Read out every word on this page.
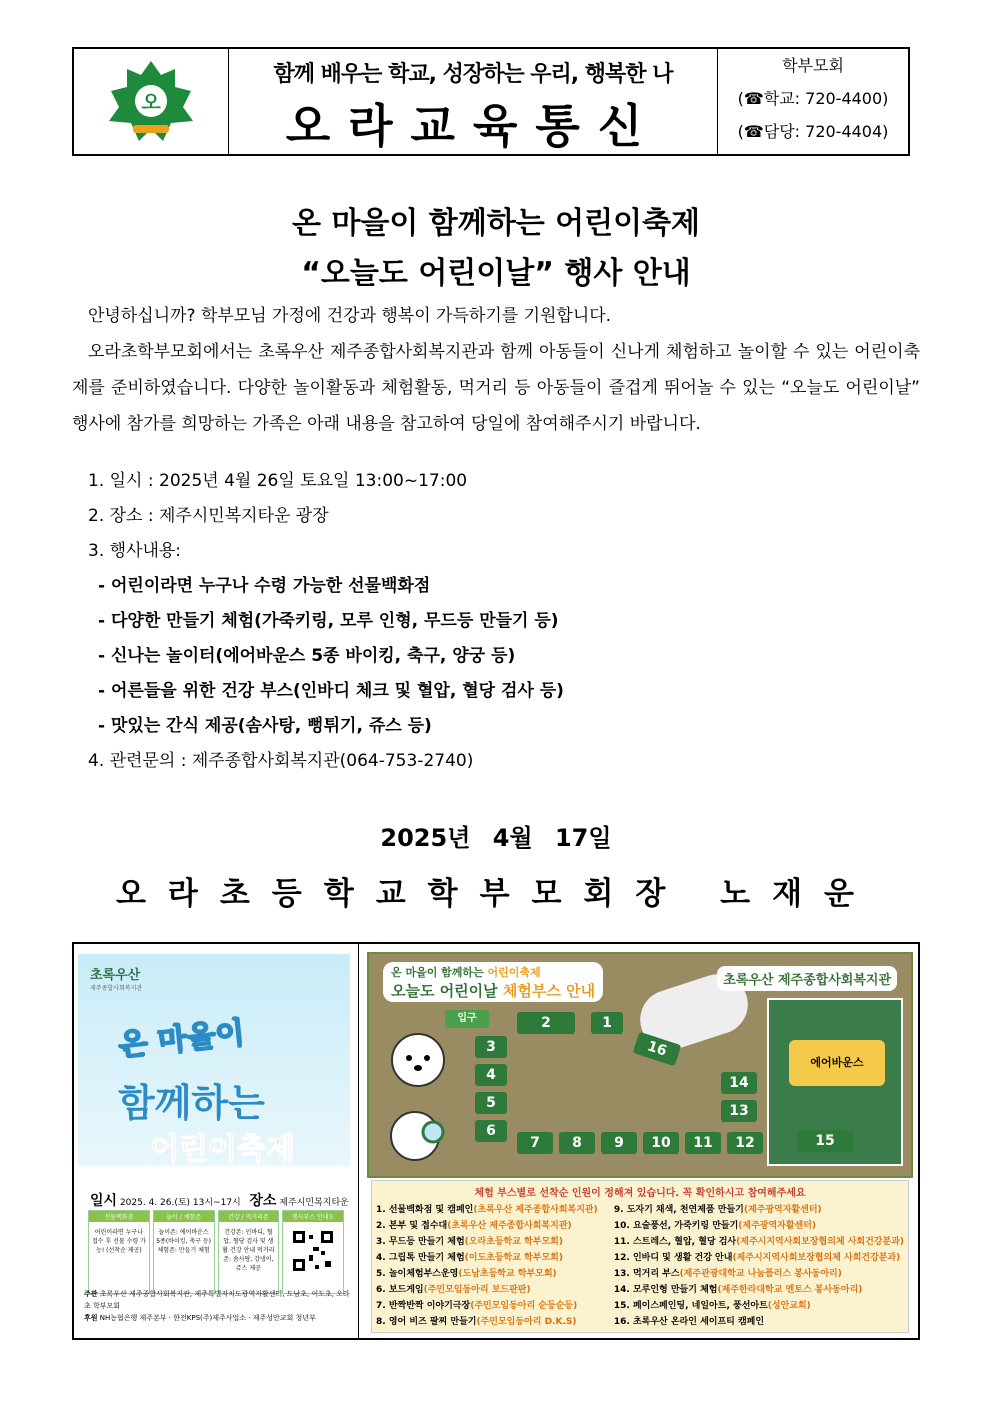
오
함께 배우는 학교, 성장하는 우리, 행복한 나
오라교육통신
학부모회
(☎학교: 720-4400)
(☎담당: 720-4404)
온 마을이 함께하는 어린이축제
“오늘도 어린이날” 행사 안내
안녕하십니까? 학부모님 가정에 건강과 행복이 가득하기를 기원합니다.
오라초학부모회에서는 초록우산 제주종합사회복지관과 함께 아동들이 신나게 체험하고 놀이할 수 있는 어린이축제를 준비하였습니다. 다양한 놀이활동과 체험활동, 먹거리 등 아동들이 즐겁게 뛰어놀 수 있는 “오늘도 어린이날” 행사에 참가를 희망하는 가족은 아래 내용을 참고하여 당일에 참여해주시기 바랍니다.
1. 일시 : 2025년 4월 26일 토요일 13:00~17:00
2. 장소 : 제주시민복지타운 광장
3. 행사내용:
- 어린이라면 누구나 수령 가능한 선물백화점
- 다양한 만들기 체험(가죽키링, 모루 인형, 무드등 만들기 등)
- 신나는 놀이터(에어바운스 5종 바이킹, 축구, 양궁 등)
- 어른들을 위한 건강 부스(인바디 체크 및 혈압, 혈당 검사 등)
- 맛있는 간식 제공(솜사탕, 뻥튀기, 쥬스 등)
4. 관련문의 : 제주종합사회복지관(064-753-2740)
2025년 4월 17일
오라초등학교학부모회장 노재운
초록우산
제주종합사회복지관
온 마을이
함께하는
어린이축제
일시 2025. 4. 26.(토) 13시~17시 장소 제주시민복지타운
선물백화점

어린이라면 누구나 접수 후 선물 수령 가능! (선착순 제공)

놀이 / 체험존

놀이존: 에어바운스 5종(바이킹, 축구 등) 체험존: 만들기 체험

건강 / 먹거리존

건강존: 인바디, 혈압, 혈당 검사 및 생활 건강 안내 먹거리존: 솜사탕, 강냉이, 쥬스 제공

행사부스 안내도
주관 초록우산 제주종합사회복지관, 제주특별자치도광역자활센터, 도남초, 이도초, 오라초 학부모회
후원 NH농협은행 제주본부 · 한전KPS(주)제주사업소 · 제주성안교회 청년부
에어바운스
온 마을이 함께하는 어린이축제
오늘도 어린이날 체험부스 안내
초록우산 제주종합사회복지관
입구	1
2
3
4
5
6
7	8	9	10	11	12
13
14
15
16
체험 부스별로 선착순 인원이 정해져 있습니다. 꼭 확인하시고 참여해주세요
1. 선물백화점 및 캠페인(초록우산 제주종합사회복지관)
2. 본부 및 접수대(초록우산 제주종합사회복지관)
3. 무드등 만들기 체험(오라초등학교 학부모회)
4. 그립톡 만들기 체험(이도초등학교 학부모회)
5. 놀이체험부스운영(도남초등학교 학부모회)
6. 보드게임(주민모임동아리 보드판판)
7. 반짝반짝 이야기극장(주민모임동아리 순등순등)
8. 영어 비즈 팔찌 만들기(주민모임동아리 D.K.S)
9. 도자기 채색, 천연제품 만들기(제주광역자활센터)
10. 요술풍선, 가죽키링 만들기(제주광역자활센터)
11. 스트레스, 혈압, 혈당 검사(제주시지역사회보장협의체 사회건강분과)
12. 인바디 및 생활 건강 안내(제주시지역사회보장협의체 사회건강분과)
13. 먹거리 부스(제주관광대학교 나눔플러스 봉사동아리)
14. 모루인형 만들기 체험(제주한라대학교 멘토스 봉사동아리)
15. 페이스페인팅, 네일아트, 풍선아트(성안교회)
16. 초록우산 온라인 세이프티 캠페인
